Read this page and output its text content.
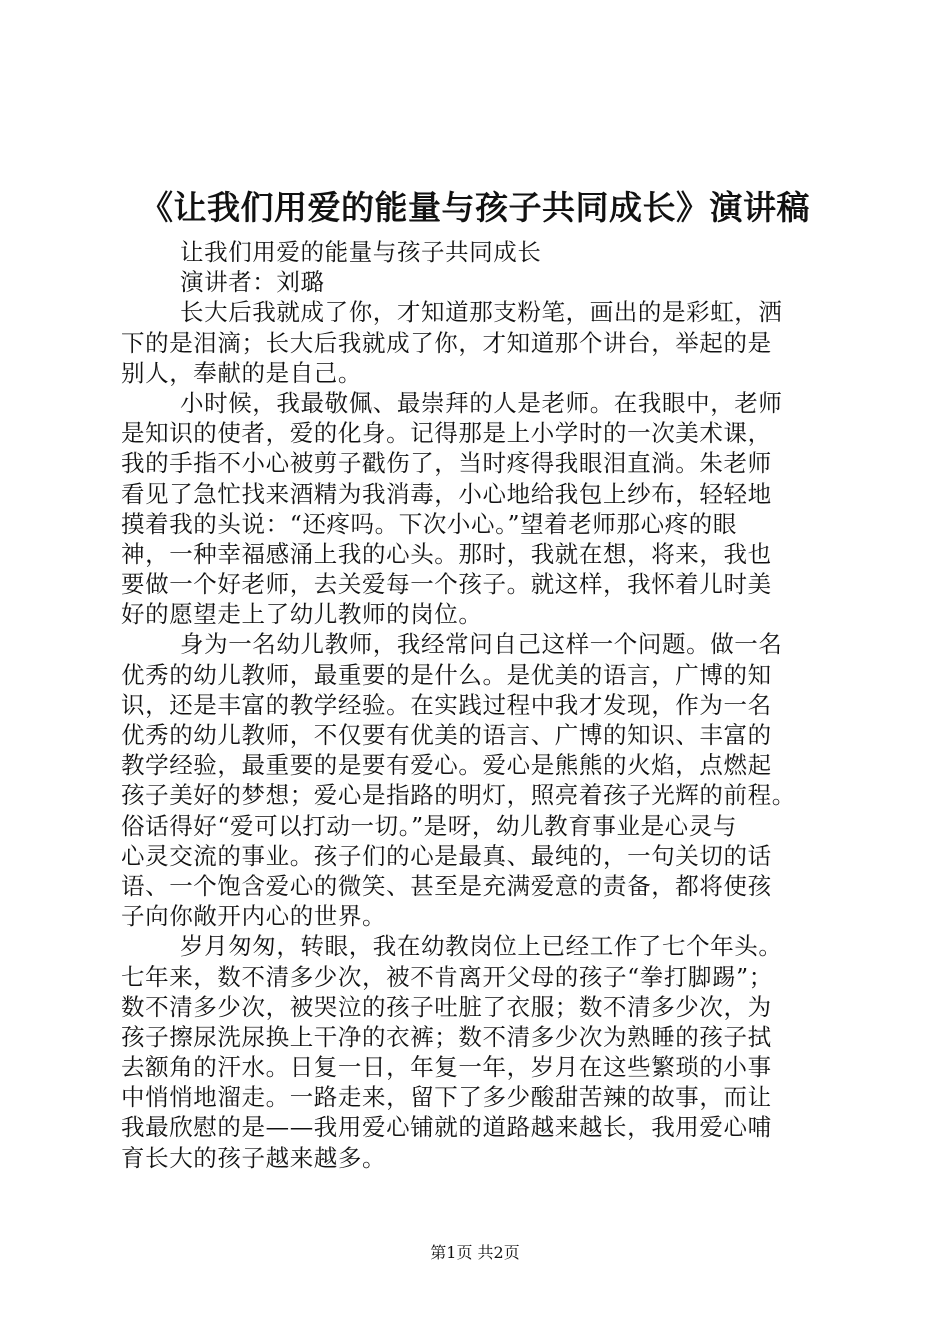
《让我们用爱的能量与孩子共同成长》演讲稿
让我们用爱的能量与孩子共同成长
演讲者：刘璐
长大后我就成了你，才知道那支粉笔，画出的是彩虹，洒
下的是泪滴；长大后我就成了你，才知道那个讲台，举起的是
别人，奉献的是自己。
小时候，我最敬佩、最崇拜的人是老师。在我眼中，老师
是知识的使者，爱的化身。记得那是上小学时的一次美术课，
我的手指不小心被剪子戳伤了，当时疼得我眼泪直淌。朱老师
看见了急忙找来酒精为我消毒，小心地给我包上纱布，轻轻地
摸着我的头说：“还疼吗。下次小心。”望着老师那心疼的眼
神，一种幸福感涌上我的心头。那时，我就在想，将来，我也
要做一个好老师，去关爱每一个孩子。就这样，我怀着儿时美
好的愿望走上了幼儿教师的岗位。
身为一名幼儿教师，我经常问自己这样一个问题。做一名
优秀的幼儿教师，最重要的是什么。是优美的语言，广博的知
识，还是丰富的教学经验。在实践过程中我才发现，作为一名
优秀的幼儿教师，不仅要有优美的语言、广博的知识、丰富的
教学经验，最重要的是要有爱心。爱心是熊熊的火焰，点燃起
孩子美好的梦想；爱心是指路的明灯，照亮着孩子光辉的前程。
俗话得好“爱可以打动一切。”是呀，幼儿教育事业是心灵与
心灵交流的事业。孩子们的心是最真、最纯的，一句关切的话
语、一个饱含爱心的微笑、甚至是充满爱意的责备，都将使孩
子向你敞开内心的世界。
岁月匆匆，转眼，我在幼教岗位上已经工作了七个年头。
七年来，数不清多少次，被不肯离开父母的孩子“拳打脚踢”；
数不清多少次，被哭泣的孩子吐脏了衣服；数不清多少次，为
孩子擦尿洗尿换上干净的衣裤；数不清多少次为熟睡的孩子拭
去额角的汗水。日复一日，年复一年，岁月在这些繁琐的小事
中悄悄地溜走。一路走来，留下了多少酸甜苦辣的故事，而让
我最欣慰的是——我用爱心铺就的道路越来越长，我用爱心哺
育长大的孩子越来越多。
第1页 共2页
